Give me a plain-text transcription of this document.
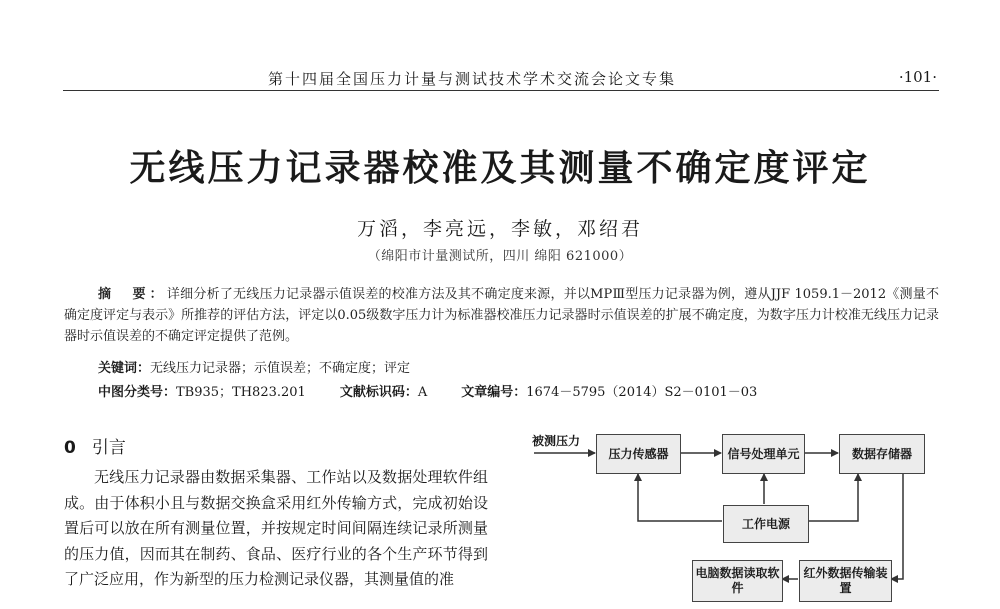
第十四届全国压力计量与测试技术学术交流会论文专集	·101·
无线压力记录器校准及其测量不确定度评定
万滔，李亮远，李敏，邓绍君
（绵阳市计量测试所，四川 绵阳 621000）
摘　要：详细分析了无线压力记录器示值误差的校准方法及其不确定度来源，并以MPⅢ型压力记录器为例，遵从JJF 1059.1－2012《测量不确定度评定与表示》所推荐的评估方法，评定以0.05级数字压力计为标准器校准压力记录器时示值误差的扩展不确定度，为数字压力计校准无线压力记录器时示值误差的不确定评定提供了范例。
关键词：无线压力记录器；示值误差；不确定度；评定
中图分类号：TB935；TH823.201	文献标识码：A	文章编号：1674－5795（2014）S2－0101－03
0 引言
无线压力记录器由数据采集器、工作站以及数据处理软件组成。由于体积小且与数据交换盒采用红外传输方式，完成初始设置后可以放在所有测量位置，并按规定时间间隔连续记录所测量的压力值，因而其在制药、食品、医疗行业的各个生产环节得到了广泛应用，作为新型的压力检测记录仪器，其测量值的准
被测压力
压力传感器	信号处理单元	数据存储器
工作电源
红外数据传输装置
电脑数据读取软件
